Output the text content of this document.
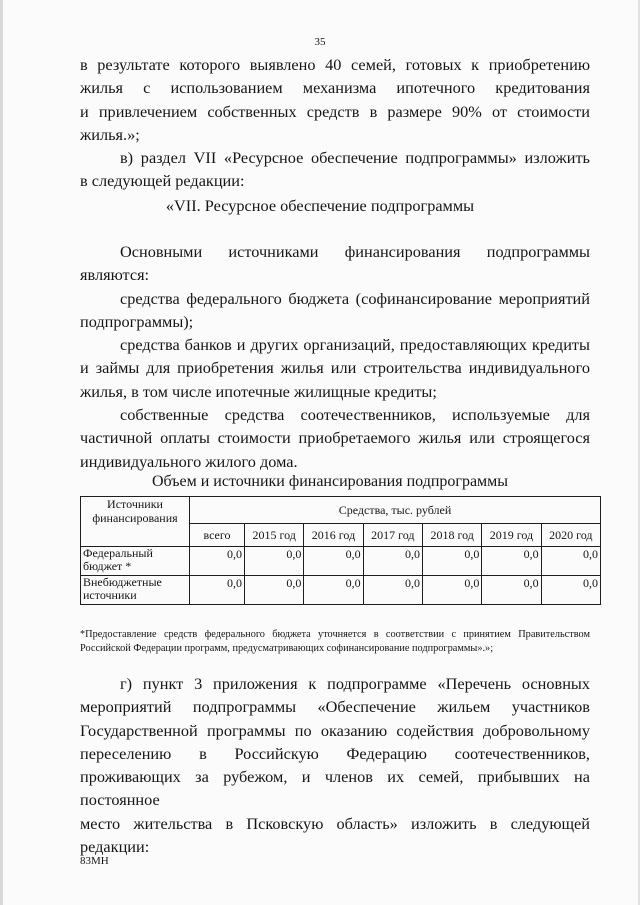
35

в результате которого выявлено 40 семей, готовых к приобретению

жилья с использованием механизма ипотечного кредитования

и привлечением собственных средств в размере 90% от стоимости

жилья.»;

в) раздел VII «Ресурсное обеспечение подпрограммы» изложить

в следующей редакции:

«VII. Ресурсное обеспечение подпрограммы

Основными источниками финансирования подпрограммы

являются:

средства федерального бюджета (софинансирование мероприятий

подпрограммы);

средства банков и других организаций, предоставляющих кредиты

и займы для приобретения жилья или строительства индивидуального

жилья, в том числе ипотечные жилищные кредиты;

собственные средства соотечественников, используемые для

частичной оплаты стоимости приобретаемого жилья или строящегося

индивидуального жилого дома.

Объем и источники финансирования подпрограммы
Источники финансирования	Средства, тыс. рублей						
	всего	2015 год	2016 год	2017 год	2018 год	2019 год	2020 год
Федеральный бюджет *	0,0	0,0	0,0	0,0	0,0	0,0	0,0
Внебюджетные источники	0,0	0,0	0,0	0,0	0,0	0,0	0,0
*Предоставление средств федерального бюджета уточняется в соответствии с принятием Правительством Российской Федерации программ, предусматривающих софинансирование подпрограммы».»;

г) пункт 3 приложения к подпрограмме «Перечень основных

мероприятий подпрограммы «Обеспечение жильем участников

Государственной программы по оказанию содействия добровольному

переселению в Российскую Федерацию соотечественников,

проживающих за рубежом, и членов их семей, прибывших на постоянное

место жительства в Псковскую область» изложить в следующей

редакции:

83МН
